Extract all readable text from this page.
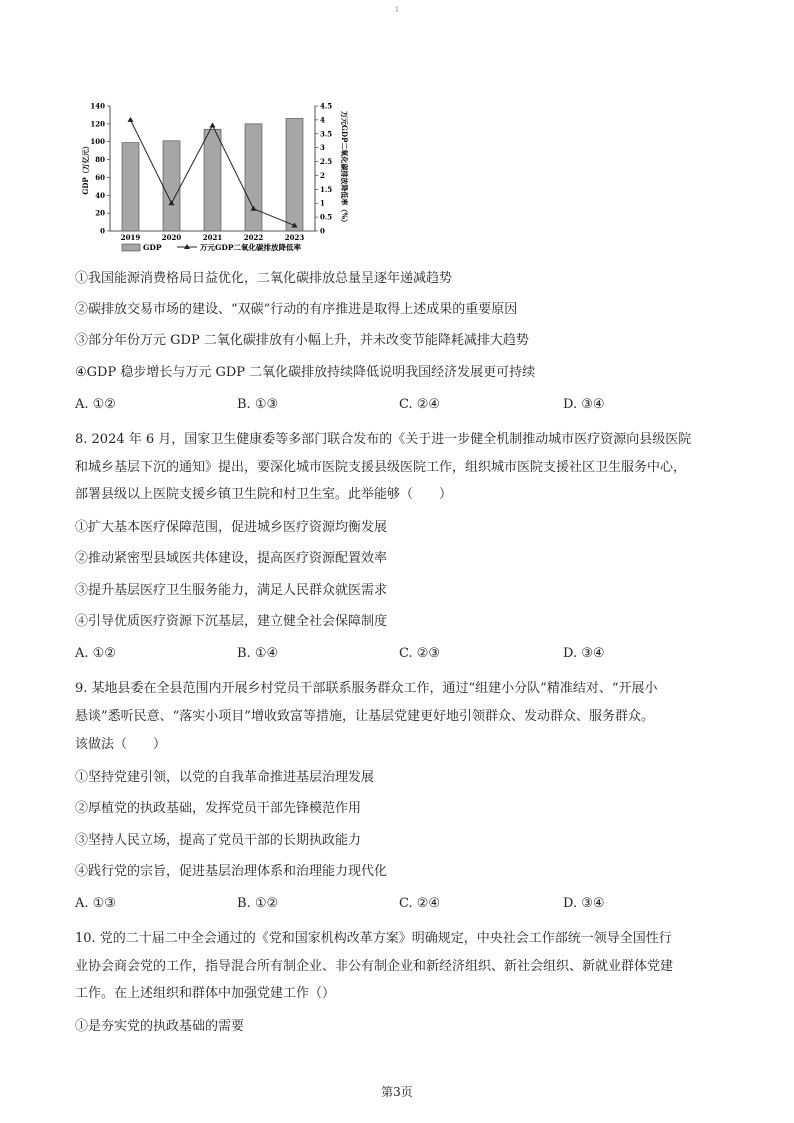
1
0
20
40
60
80
100
120
140
0
0.5
1
1.5
2
2.5
3
3.5
4
4.5
2019	2020	2021	2022	2023
GDP（万亿元）	万元GDP二氧化碳排放降低率（%）
GDP	万元GDP二氧化碳排放降低率
①我国能源消费格局日益优化，二氧化碳排放总量呈逐年递减趋势
②碳排放交易市场的建设、“双碳”行动的有序推进是取得上述成果的重要原因
③部分年份万元 GDP 二氧化碳排放有小幅上升，并未改变节能降耗减排大趋势
④GDP 稳步增长与万元 GDP 二氧化碳排放持续降低说明我国经济发展更可持续
A. ①②	B. ①③	C. ②④	D. ③④
8. 2024 年 6 月，国家卫生健康委等多部门联合发布的《关于进一步健全机制推动城市医疗资源向县级医院
和城乡基层下沉的通知》提出，要深化城市医院支援县级医院工作，组织城市医院支援社区卫生服务中心，
部署县级以上医院支援乡镇卫生院和村卫生室。此举能够（　　）
①扩大基本医疗保障范围，促进城乡医疗资源均衡发展
②推动紧密型县域医共体建设，提高医疗资源配置效率
③提升基层医疗卫生服务能力，满足人民群众就医需求
④引导优质医疗资源下沉基层，建立健全社会保障制度
A. ①②	B. ①④	C. ②③	D. ③④
9. 某地县委在全县范围内开展乡村党员干部联系服务群众工作，通过“组建小分队”精准结对、“开展小
悬谈”悉听民意、“落实小项目”增收致富等措施，让基层党建更好地引领群众、发动群众、服务群众。
该做法（　　）
①坚持党建引领，以党的自我革命推进基层治理发展
②厚植党的执政基础，发挥党员干部先锋模范作用
③坚持人民立场，提高了党员干部的长期执政能力
④践行党的宗旨，促进基层治理体系和治理能力现代化
A. ①③	B. ①②	C. ②④	D. ③④
10. 党的二十届二中全会通过的《党和国家机构改革方案》明确规定，中央社会工作部统一领导全国性行
业协会商会党的工作，指导混合所有制企业、非公有制企业和新经济组织、新社会组织、新就业群体党建
工作。在上述组织和群体中加强党建工作（）
①是夯实党的执政基础的需要
第3页
